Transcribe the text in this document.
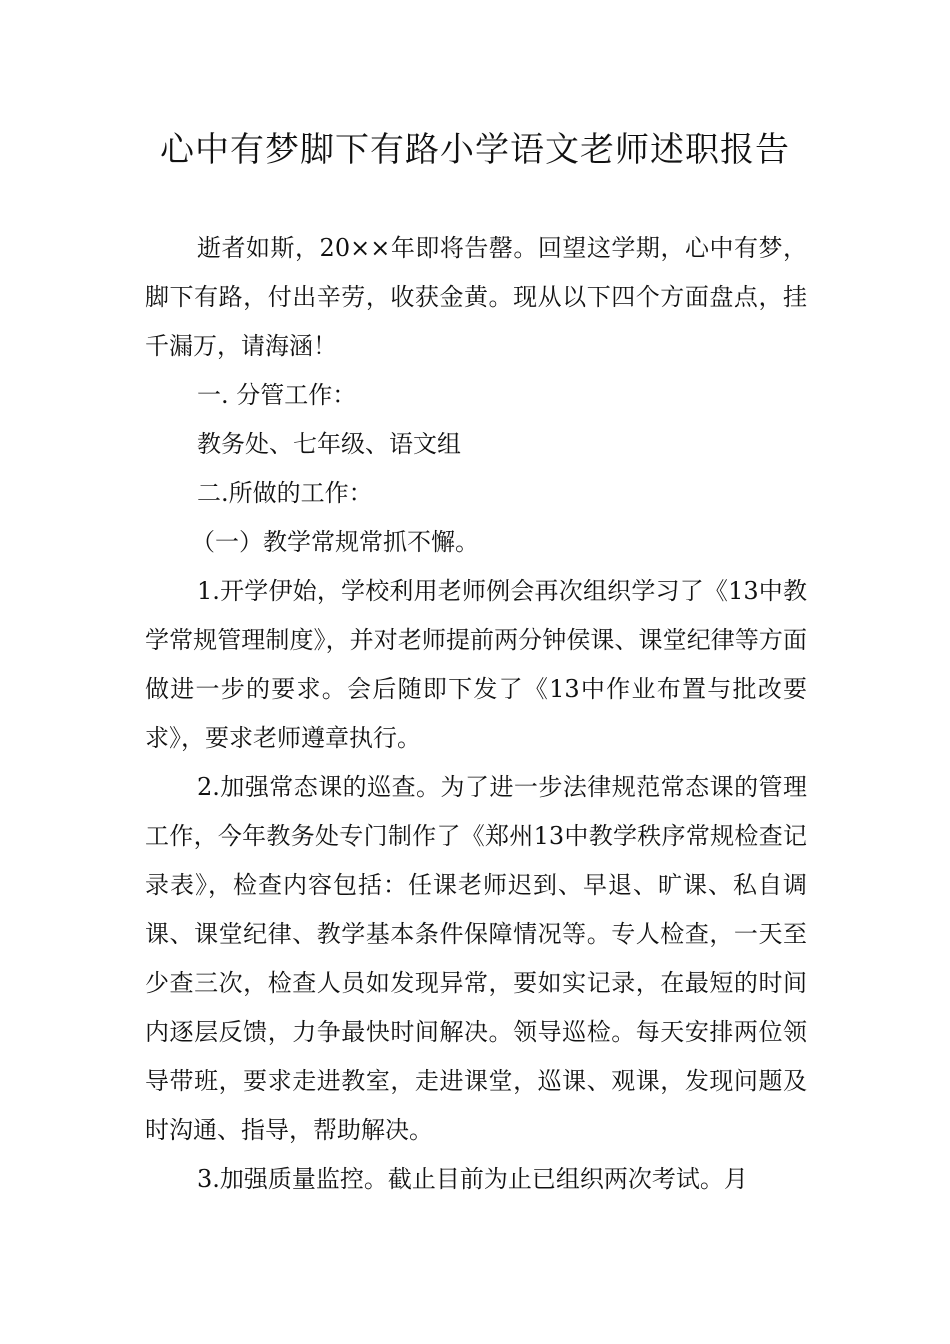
心中有梦脚下有路小学语文老师述职报告

逝者如斯，20××年即将告罄。回望这学期，心中有梦，脚下有路，付出辛劳，收获金黄。现从以下四个方面盘点，挂千漏万，请海涵！

一. 分管工作：

教务处、七年级、语文组

二.所做的工作：

（一）教学常规常抓不懈。

1.开学伊始，学校利用老师例会再次组织学习了《13中教学常规管理制度》，并对老师提前两分钟侯课、课堂纪律等方面做进一步的要求。会后随即下发了《13中作业布置与批改要求》，要求老师遵章执行。

2.加强常态课的巡查。为了进一步法律规范常态课的管理工作，今年教务处专门制作了《郑州13中教学秩序常规检查记录表》，检查内容包括：任课老师迟到、早退、旷课、私自调课、课堂纪律、教学基本条件保障情况等。专人检查，一天至少查三次，检查人员如发现异常，要如实记录，在最短的时间内逐层反馈，力争最快时间解决。领导巡检。每天安排两位领导带班，要求走进教室，走进课堂，巡课、观课，发现问题及时沟通、指导，帮助解决。

3.加强质量监控。截止目前为止已组织两次考试。月
